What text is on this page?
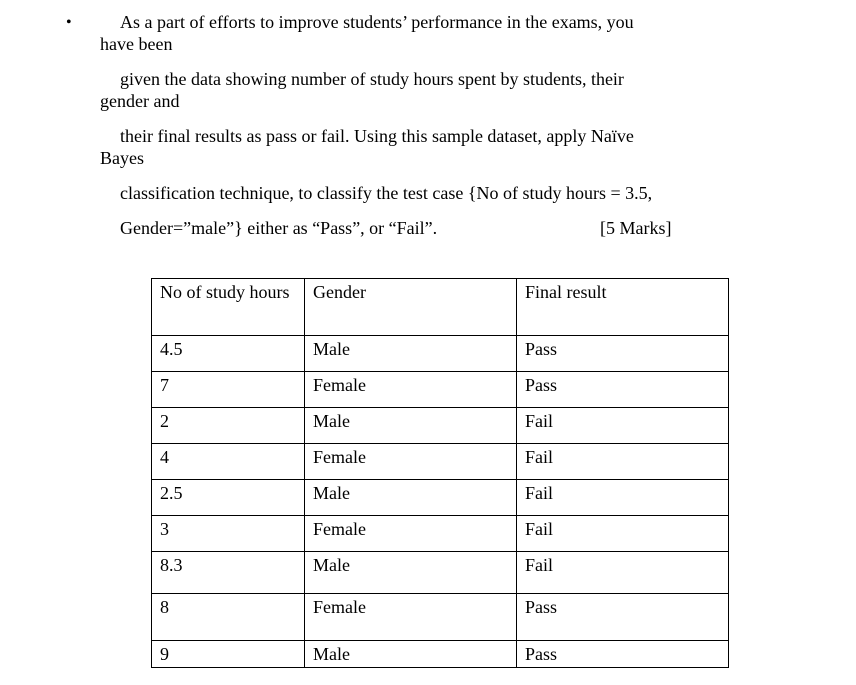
•	As a part of efforts to improve students’ performance in the exams, you
have been
given the data showing number of study hours spent by students, their
gender and
their final results as pass or fail. Using this sample dataset, apply Naïve
Bayes
classification technique, to classify the test case {No of study hours = 3.5,
Gender=”male”} either as “Pass”, or “Fail”.	[5 Marks]
No of study hours	Gender	Final result
4.5	Male	Pass
7	Female	Pass
2	Male	Fail
4	Female	Fail
2.5	Male	Fail
3	Female	Fail
8.3	Male	Fail
8	Female	Pass
9	Male	Pass
